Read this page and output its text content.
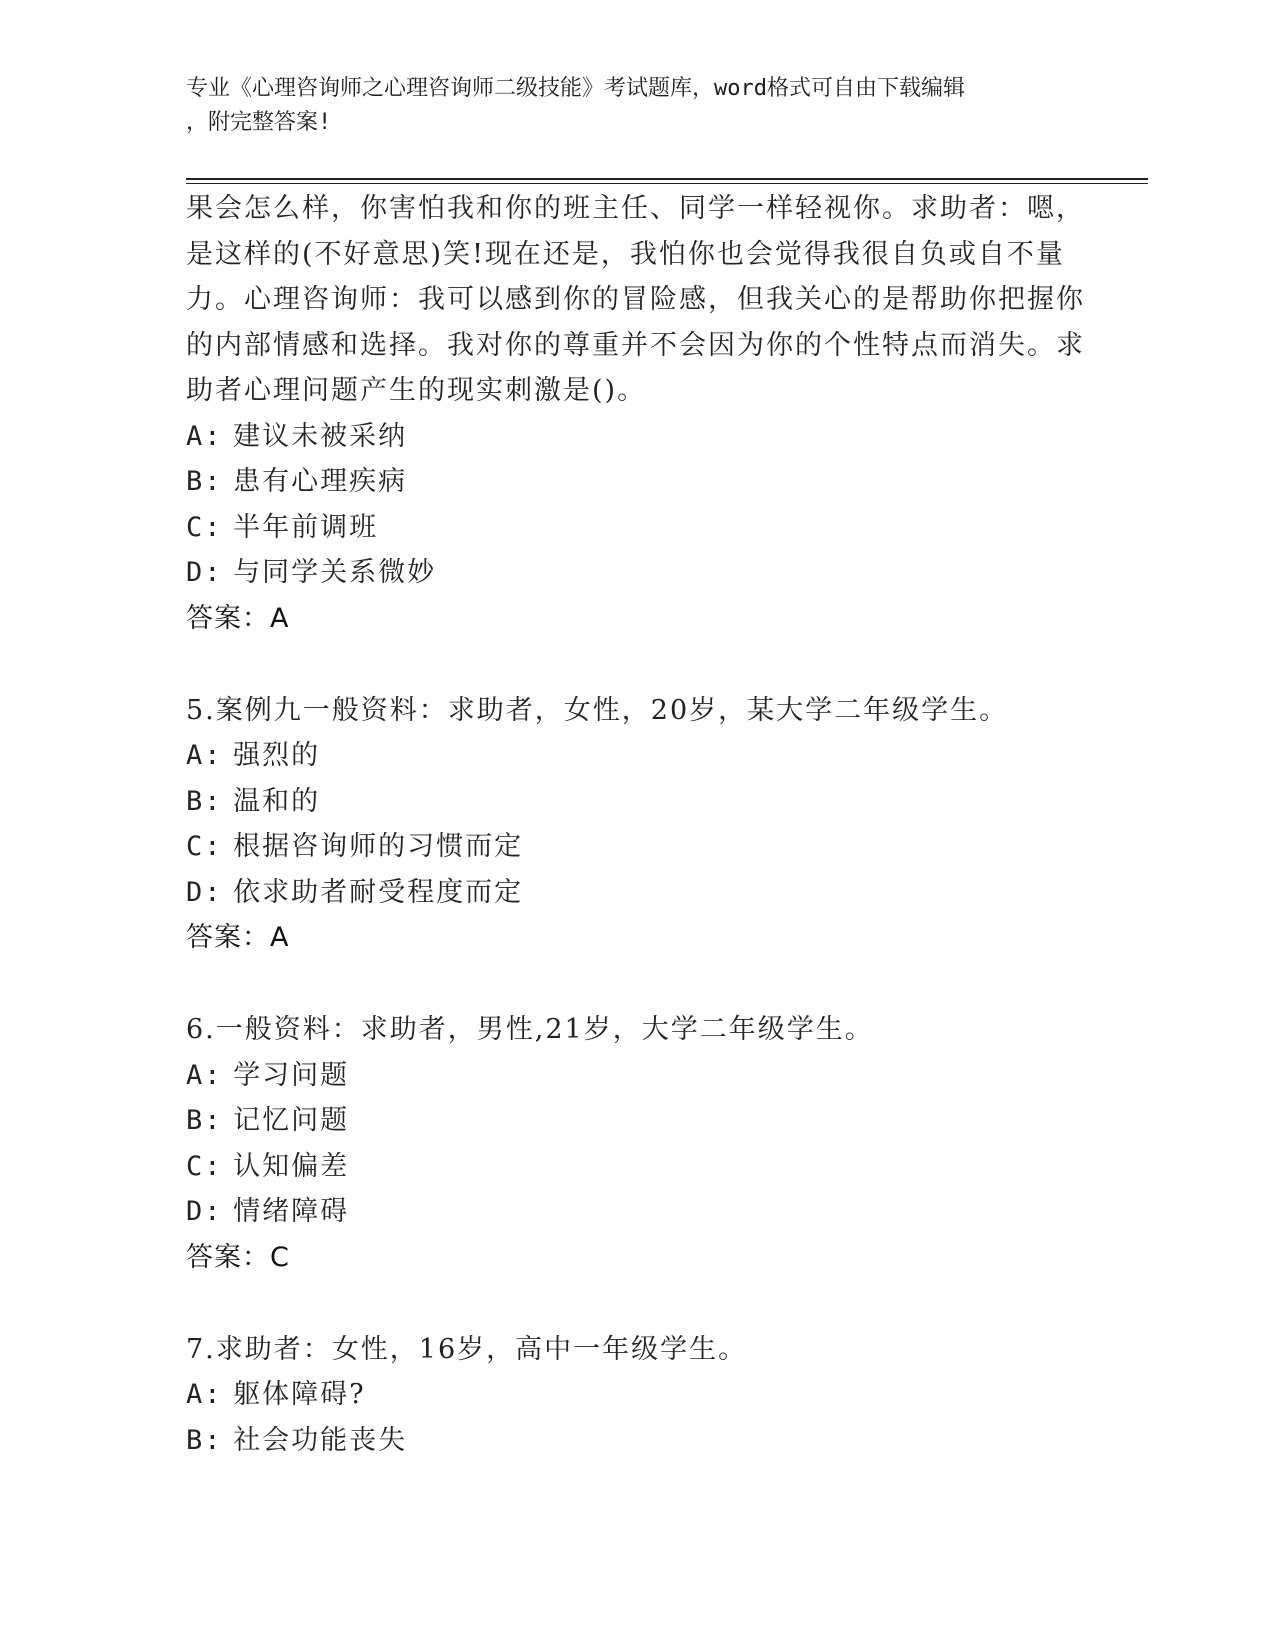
专业《心理咨询师之心理咨询师二级技能》考试题库，word格式可自由下载编辑
，附完整答案!

果会怎么样，你害怕我和你的班主任、同学一样轻视你。求助者：嗯，是这样的(不好意思)笑!现在还是，我怕你也会觉得我很自负或自不量力。心理咨询师：我可以感到你的冒险感，但我关心的是帮助你把握你的内部情感和选择。我对你的尊重并不会因为你的个性特点而消失。求助者心理问题产生的现实刺激是()。

A: 建议未被采纳
B: 患有心理疾病
C: 半年前调班
D: 与同学关系微妙
答案：A
5.案例九一般资料：求助者，女性，20岁，某大学二年级学生。
A: 强烈的
B: 温和的
C: 根据咨询师的习惯而定
D: 依求助者耐受程度而定
答案：A
6.一般资料：求助者，男性,21岁，大学二年级学生。
A: 学习问题
B: 记忆问题
C: 认知偏差
D: 情绪障碍
答案：C
7.求助者：女性，16岁，高中一年级学生。
A: 躯体障碍?
B: 社会功能丧失
